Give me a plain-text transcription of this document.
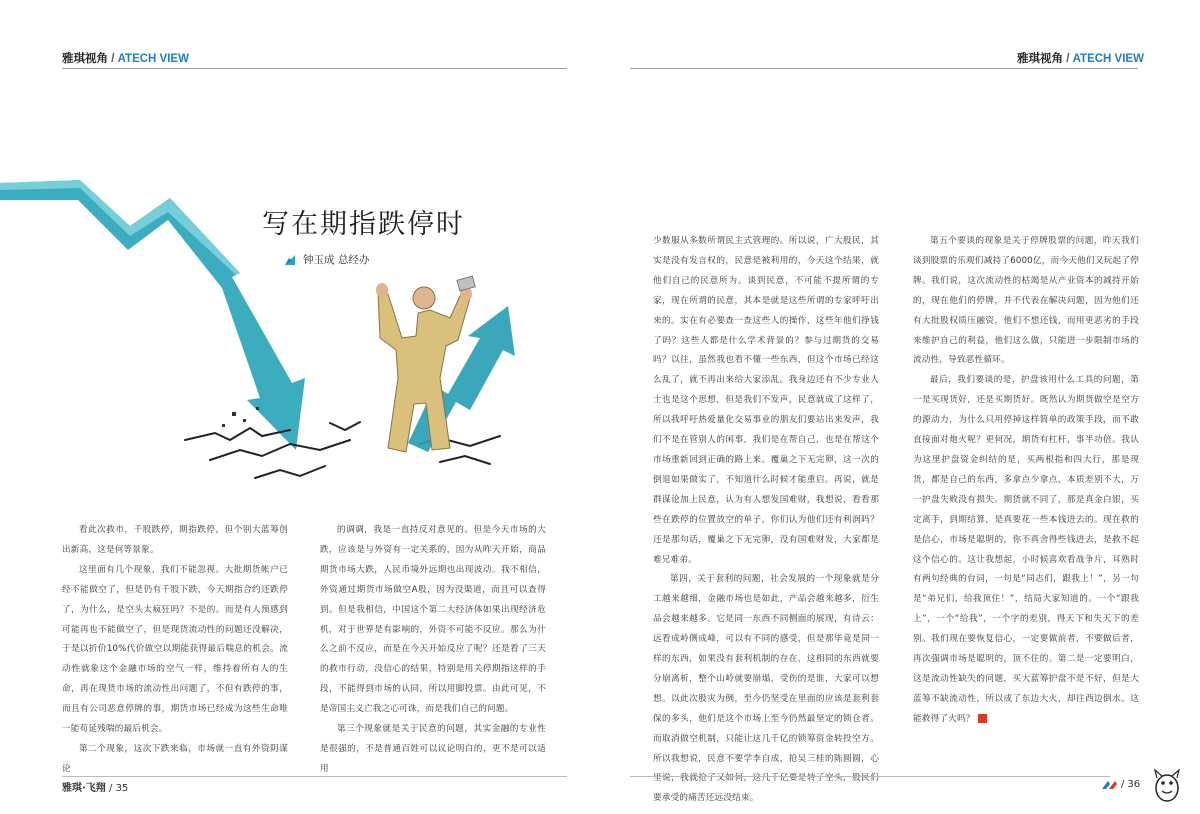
雅琪视角 / ATECH VIEW	雅琪视角 / ATECH VIEW
写在期指跌停时
钟玉成 总经办

看此次救市，千股跌停，期指跌停，但个别大蓝筹创出新高，这是何等景象。

这里面有几个现象，我们不能忽视。大批期货帐户已经不能做空了，但是仍有千股下跌，今天期指合约还跌停了，为什么，是空头太疯狂吗？不是的。而是有人预感到可能再也不能做空了，但是现货流动性的问题还没解决，于是以折价10%代价做空以期能获得最后喘息的机会。流动性就象这个金融市场的空气一样，维持着所有人的生命，再在现货市场的流动性出问题了，不但有跌停的事，而且有公司恶意停牌的事，期货市场已经成为这些生命唯一能苟延残喘的最后机会。

第二个现象，这次下跌来临，市场就一直有外资阴谋论

的调调，我是一直持反对意见的。但是今天市场的大跌，应该是与外资有一定关系的，因为从昨天开始，商品期货市场大跌，人民币境外远期也出现波动。我不相信，外资通过期货市场做空A股，因为没渠道，而且可以查得到。但是我相信，中国这个第二大经济体如果出现经济危机，对于世界是有影响的，外资不可能不反应。那么为什么之前不反应，而是在今天开始反应了呢？还是看了三天的救市行动，没信心的结果，特别是用关停期指这样的手段，不能得到市场的认同，所以用脚投票。由此可见，不是帝国主义亡我之心可诛，而是我们自己的问题。

第三个现象就是关于民意的问题，其实金融的专业性是很强的，不是普通百姓可以议论明白的，更不是可以适用

少数服从多数所谓民主式管理的。所以说，广大股民，其实是没有发言权的，民意是被利用的，今天这个结果，就他们自己的民意所为。谈到民意，不可能不提所谓的专家，现在所谓的民意，其本是就是这些所谓的专家呼吁出来的。实在有必要查一查这些人的操作，这些年他们挣钱了吗？这些人都是什么学术背景的？参与过期货的交易吗？以往，虽然我也看不懂一些东西，但这个市场已经这么乱了，就不再出来给大家添乱。我身边还有不少专业人士也是这个思想，但是我们不发声，民意就成了这样了，所以我呼吁热爱量化交易事业的朋友们要站出来发声，我们不是在管别人的闲事，我们是在帮自己，也是在帮这个市场重新回到正确的路上来。覆巢之下无完卵，这一次的倒退如果做实了，不知道什么时候才能重启。再说，就是群谋论加上民意，认为有人想发国难财，我想说，看看那些在跌停的位置放空的单子，你们认为他们还有利润吗？还是那句话，覆巢之下无完卵，没有国难财发，大家都是难兄难弟。

第四，关于套利的问题，社会发展的一个现象就是分工越来越细，金融市场也是如此，产品会越来越多，衍生品会越来越多。它是同一东西不同侧面的展现，有诗云：远看成岭侧成峰，可以有不同的感受，但是那毕竟是同一样的东西，如果没有套利机制的存在，这相同的东西就要分崩离析，整个山岭就要崩塌，受伤的是谁，大家可以想想。以此次股灾为例，至今仍坚受在里面的应该是套利套保的多头，他们是这个市场上至今仍然最坚定的锁仓者。而取消做空机制，只能让这几千亿的锁筹资金转投空方。所以我想说，民意不要学李自成，抢吴三桂的陈圆圆，心里说，我就抢了又如何，这几千亿要是转了空头，股民们要承受的痛苦还远没结束。

第五个要谈的现象是关于停牌股票的问题，昨天我们谈到股票的乐观们减持了6000亿，而今天他们又玩起了停牌。我们说，这次流动性的枯竭是从产业资本的减持开始的，现在他们的停牌，并不代表在解决问题，因为他们还有大批股权质压融资，他们不想还钱，而用更恶劣的手段来维护自己的利益，他们这么做，只能进一步限制市场的流动性，导致恶性循环。

最后，我们要谈的是，护盘该用什么工具的问题，第一是买现货好，还是买期货好。既然认为期货做空是空方的源动力，为什么只用停掉这样简单的政策手段，而不敢直接面对炮火呢？更何况，期货有杠杆，事半功倍。我认为这里护盘资金纠结的是，买两根指和四大行，那是现货，都是自己的东西，多拿点少拿点，本质差别不大，万一护盘失败没有损失。期货就不同了，那是真金白银，买定离手，到期结算，是真要花一些本钱进去的。现在救的是信心，市场是聪明的，你不真舍得些钱进去，是救不起这个信心的。这让我想起，小时候喜欢看战争片，耳熟时有两句经典的台词，一句是“同志们，跟我上！”，另一句是“弟兄们，给我顶住！”，结局大家知道的。一个“跟我上”，一个“给我”，一个字的差别，得天下和失天下的差别。我们现在要恢复信心，一定要做前者，不要做后者，再次强调市场是聪明的，顶不住的。第二是一定要明白，这是流动性缺失的问题，买大蓝筹护盘不是不好，但是大蓝筹不缺流动性，所以成了东边大火，却往西边倒水。这能救得了火吗？

雅琪·飞翔 / 35	/ 36
